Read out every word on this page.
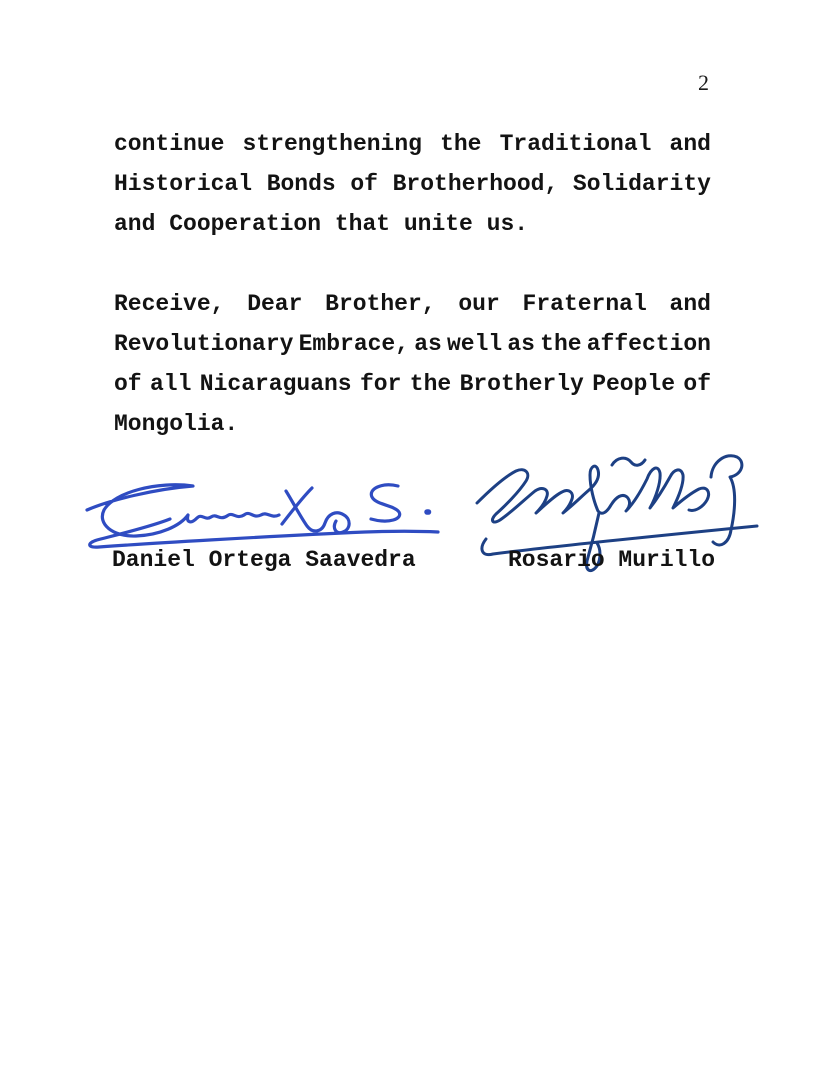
2
continue strengthening the Traditional and
Historical Bonds of Brotherhood, Solidarity
and Cooperation that unite us.
Receive, Dear Brother, our Fraternal and
Revolutionary Embrace, as well as the affection
of all Nicaraguans for the Brotherly People of
Mongolia.
Daniel Ortega Saavedra	Rosario Murillo
